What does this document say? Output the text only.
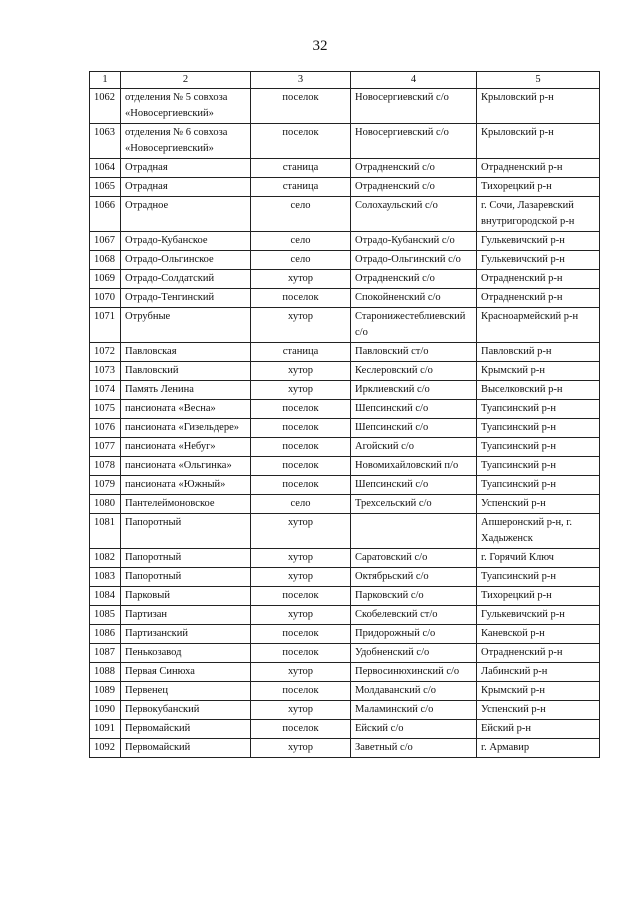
32
1	2	3	4	5
1062	отделения № 5 совхоза «Новосергиевский»	поселок	Новосергиевский с/о	Крыловский р-н
1063	отделения № 6 совхоза «Новосергиевский»	поселок	Новосергиевский с/о	Крыловский р-н
1064	Отрадная	станица	Отрадненский с/о	Отрадненский р-н
1065	Отрадная	станица	Отрадненский с/о	Тихорецкий р-н
1066	Отрадное	село	Солохаульский с/о	г. Сочи, Лазаревский внутригородской р-н
1067	Отрадо-Кубанское	село	Отрадо-Кубанский с/о	Гулькевичский р-н
1068	Отрадо-Ольгинское	село	Отрадо-Ольгинский с/о	Гулькевичский р-н
1069	Отрадо-Солдатский	хутор	Отрадненский с/о	Отрадненский р-н
1070	Отрадо-Тенгинский	поселок	Спокойненский с/о	Отрадненский р-н
1071	Отрубные	хутор	Старонижестеблиевский с/о	Красноармейский р-н
1072	Павловская	станица	Павловский ст/о	Павловский р-н
1073	Павловский	хутор	Кеслеровский с/о	Крымский р-н
1074	Память Ленина	хутор	Ирклиевский с/о	Выселковский р-н
1075	пансионата «Весна»	поселок	Шепсинский с/о	Туапсинский р-н
1076	пансионата «Гизельдере»	поселок	Шепсинский с/о	Туапсинский р-н
1077	пансионата «Небуг»	поселок	Агойский с/о	Туапсинский р-н
1078	пансионата «Ольгинка»	поселок	Новомихайловский п/о	Туапсинский р-н
1079	пансионата «Южный»	поселок	Шепсинский с/о	Туапсинский р-н
1080	Пантелеймоновское	село	Трехсельский с/о	Успенский р-н
1081	Папоротный	хутор		Апшеронский р-н, г. Хадыженск
1082	Папоротный	хутор	Саратовский с/о	г. Горячий Ключ
1083	Папоротный	хутор	Октябрьский с/о	Туапсинский р-н
1084	Парковый	поселок	Парковский с/о	Тихорецкий р-н
1085	Партизан	хутор	Скобелевский ст/о	Гулькевичский р-н
1086	Партизанский	поселок	Придорожный с/о	Каневской р-н
1087	Пенькозавод	поселок	Удобненский с/о	Отрадненский р-н
1088	Первая Синюха	хутор	Первосинюхинский с/о	Лабинский р-н
1089	Первенец	поселок	Молдаванский с/о	Крымский р-н
1090	Первокубанский	хутор	Маламинский с/о	Успенский р-н
1091	Первомайский	поселок	Ейский с/о	Ейский р-н
1092	Первомайский	хутор	Заветный с/о	г. Армавир
